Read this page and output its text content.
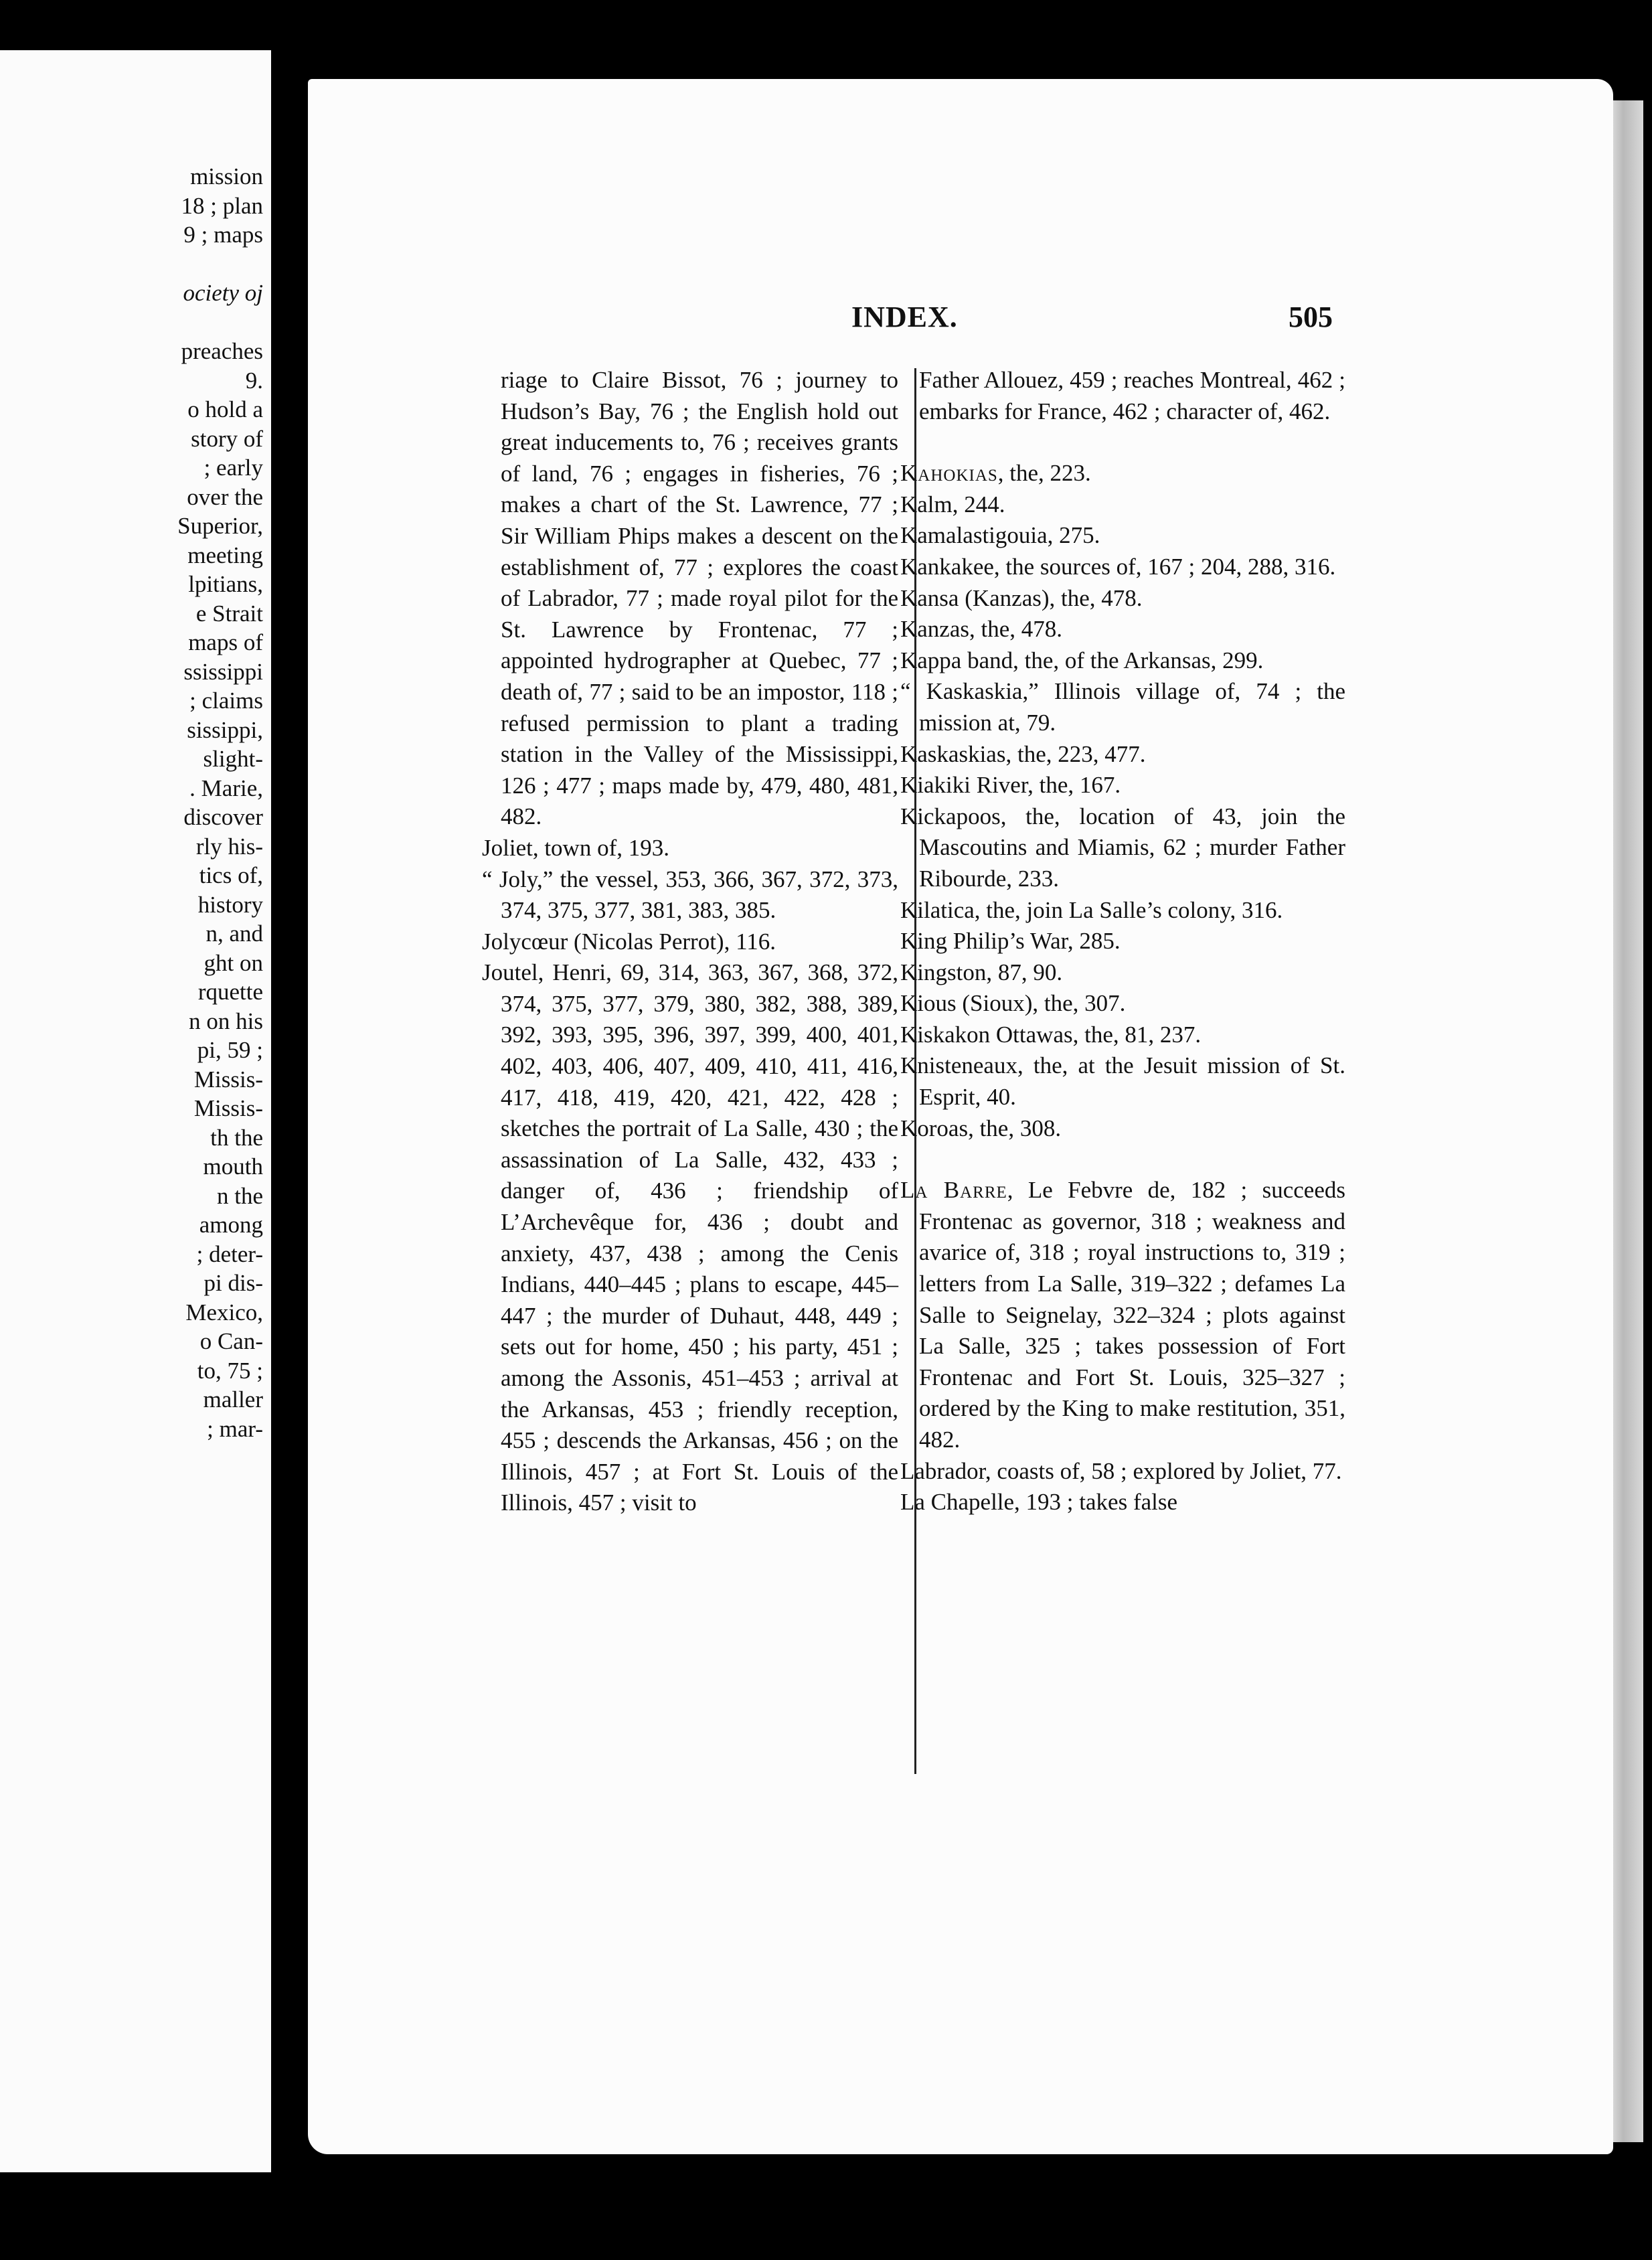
mission
18 ; plan
9 ; maps
ociety oj
preaches
9.
o hold a
story of
; early
over the
Superior,
meeting
lpitians,
e Strait
maps of
ssissippi
; claims
sissippi,
slight-
. Marie,
discover
rly his-
tics of,
history
n, and
ght on
rquette
n on his
pi, 59 ;
Missis-
Missis-
th the
mouth
n the
among
; deter-
pi dis-
Mexico,
o Can-
to, 75 ;
maller
; mar-
INDEX.	505

riage to Claire Bissot, 76 ; journey to Hudson’s Bay, 76 ; the English hold out great inducements to, 76 ; receives grants of land, 76 ; engages in fisheries, 76 ; makes a chart of the St. Lawrence, 77 ; Sir William Phips makes a descent on the establishment of, 77 ; explores the coast of Labrador, 77 ; made royal pilot for the St. Lawrence by Frontenac, 77 ; appointed hydrographer at Quebec, 77 ; death of, 77 ; said to be an impostor, 118 ; refused permission to plant a trading station in the Valley of the Mississippi, 126 ; 477 ; maps made by, 479, 480, 481, 482.

Joliet, town of, 193.

“ Joly,” the vessel, 353, 366, 367, 372, 373, 374, 375, 377, 381, 383, 385.

Jolycœur (Nicolas Perrot), 116.

Joutel, Henri, 69, 314, 363, 367, 368, 372, 374, 375, 377, 379, 380, 382, 388, 389, 392, 393, 395, 396, 397, 399, 400, 401, 402, 403, 406, 407, 409, 410, 411, 416, 417, 418, 419, 420, 421, 422, 428 ; sketches the portrait of La Salle, 430 ; the assassination of La Salle, 432, 433 ; danger of, 436 ; friendship of L’Archevêque for, 436 ; doubt and anxiety, 437, 438 ; among the Cenis Indians, 440–445 ; plans to escape, 445–447 ; the murder of Duhaut, 448, 449 ; sets out for home, 450 ; his party, 451 ; among the Assonis, 451–453 ; arrival at the Arkansas, 453 ; friendly reception, 455 ; descends the Arkansas, 456 ; on the Illinois, 457 ; at Fort St. Louis of the Illinois, 457 ; visit to

Father Allouez, 459 ; reaches Montreal, 462 ; embarks for France, 462 ; character of, 462.

Kahokias, the, 223.

Kalm, 244.

Kamalastigouia, 275.

Kankakee, the sources of, 167 ; 204, 288, 316.

Kansa (Kanzas), the, 478.

Kanzas, the, 478.

Kappa band, the, of the Arkansas, 299.

“ Kaskaskia,” Illinois village of, 74 ; the mission at, 79.

Kaskaskias, the, 223, 477.

Kiakiki River, the, 167.

Kickapoos, the, location of 43, join the Mascoutins and Miamis, 62 ; murder Father Ribourde, 233.

Kilatica, the, join La Salle’s colony, 316.

King Philip’s War, 285.

Kingston, 87, 90.

Kious (Sioux), the, 307.

Kiskakon Ottawas, the, 81, 237.

Knisteneaux, the, at the Jesuit mission of St. Esprit, 40.

Koroas, the, 308.

La Barre, Le Febvre de, 182 ; succeeds Frontenac as governor, 318 ; weakness and avarice of, 318 ; royal instructions to, 319 ; letters from La Salle, 319–322 ; defames La Salle to Seignelay, 322–324 ; plots against La Salle, 325 ; takes possession of Fort Frontenac and Fort St. Louis, 325–327 ; ordered by the King to make restitution, 351, 482.

Labrador, coasts of, 58 ; explored by Joliet, 77.

La Chapelle, 193 ; takes false
